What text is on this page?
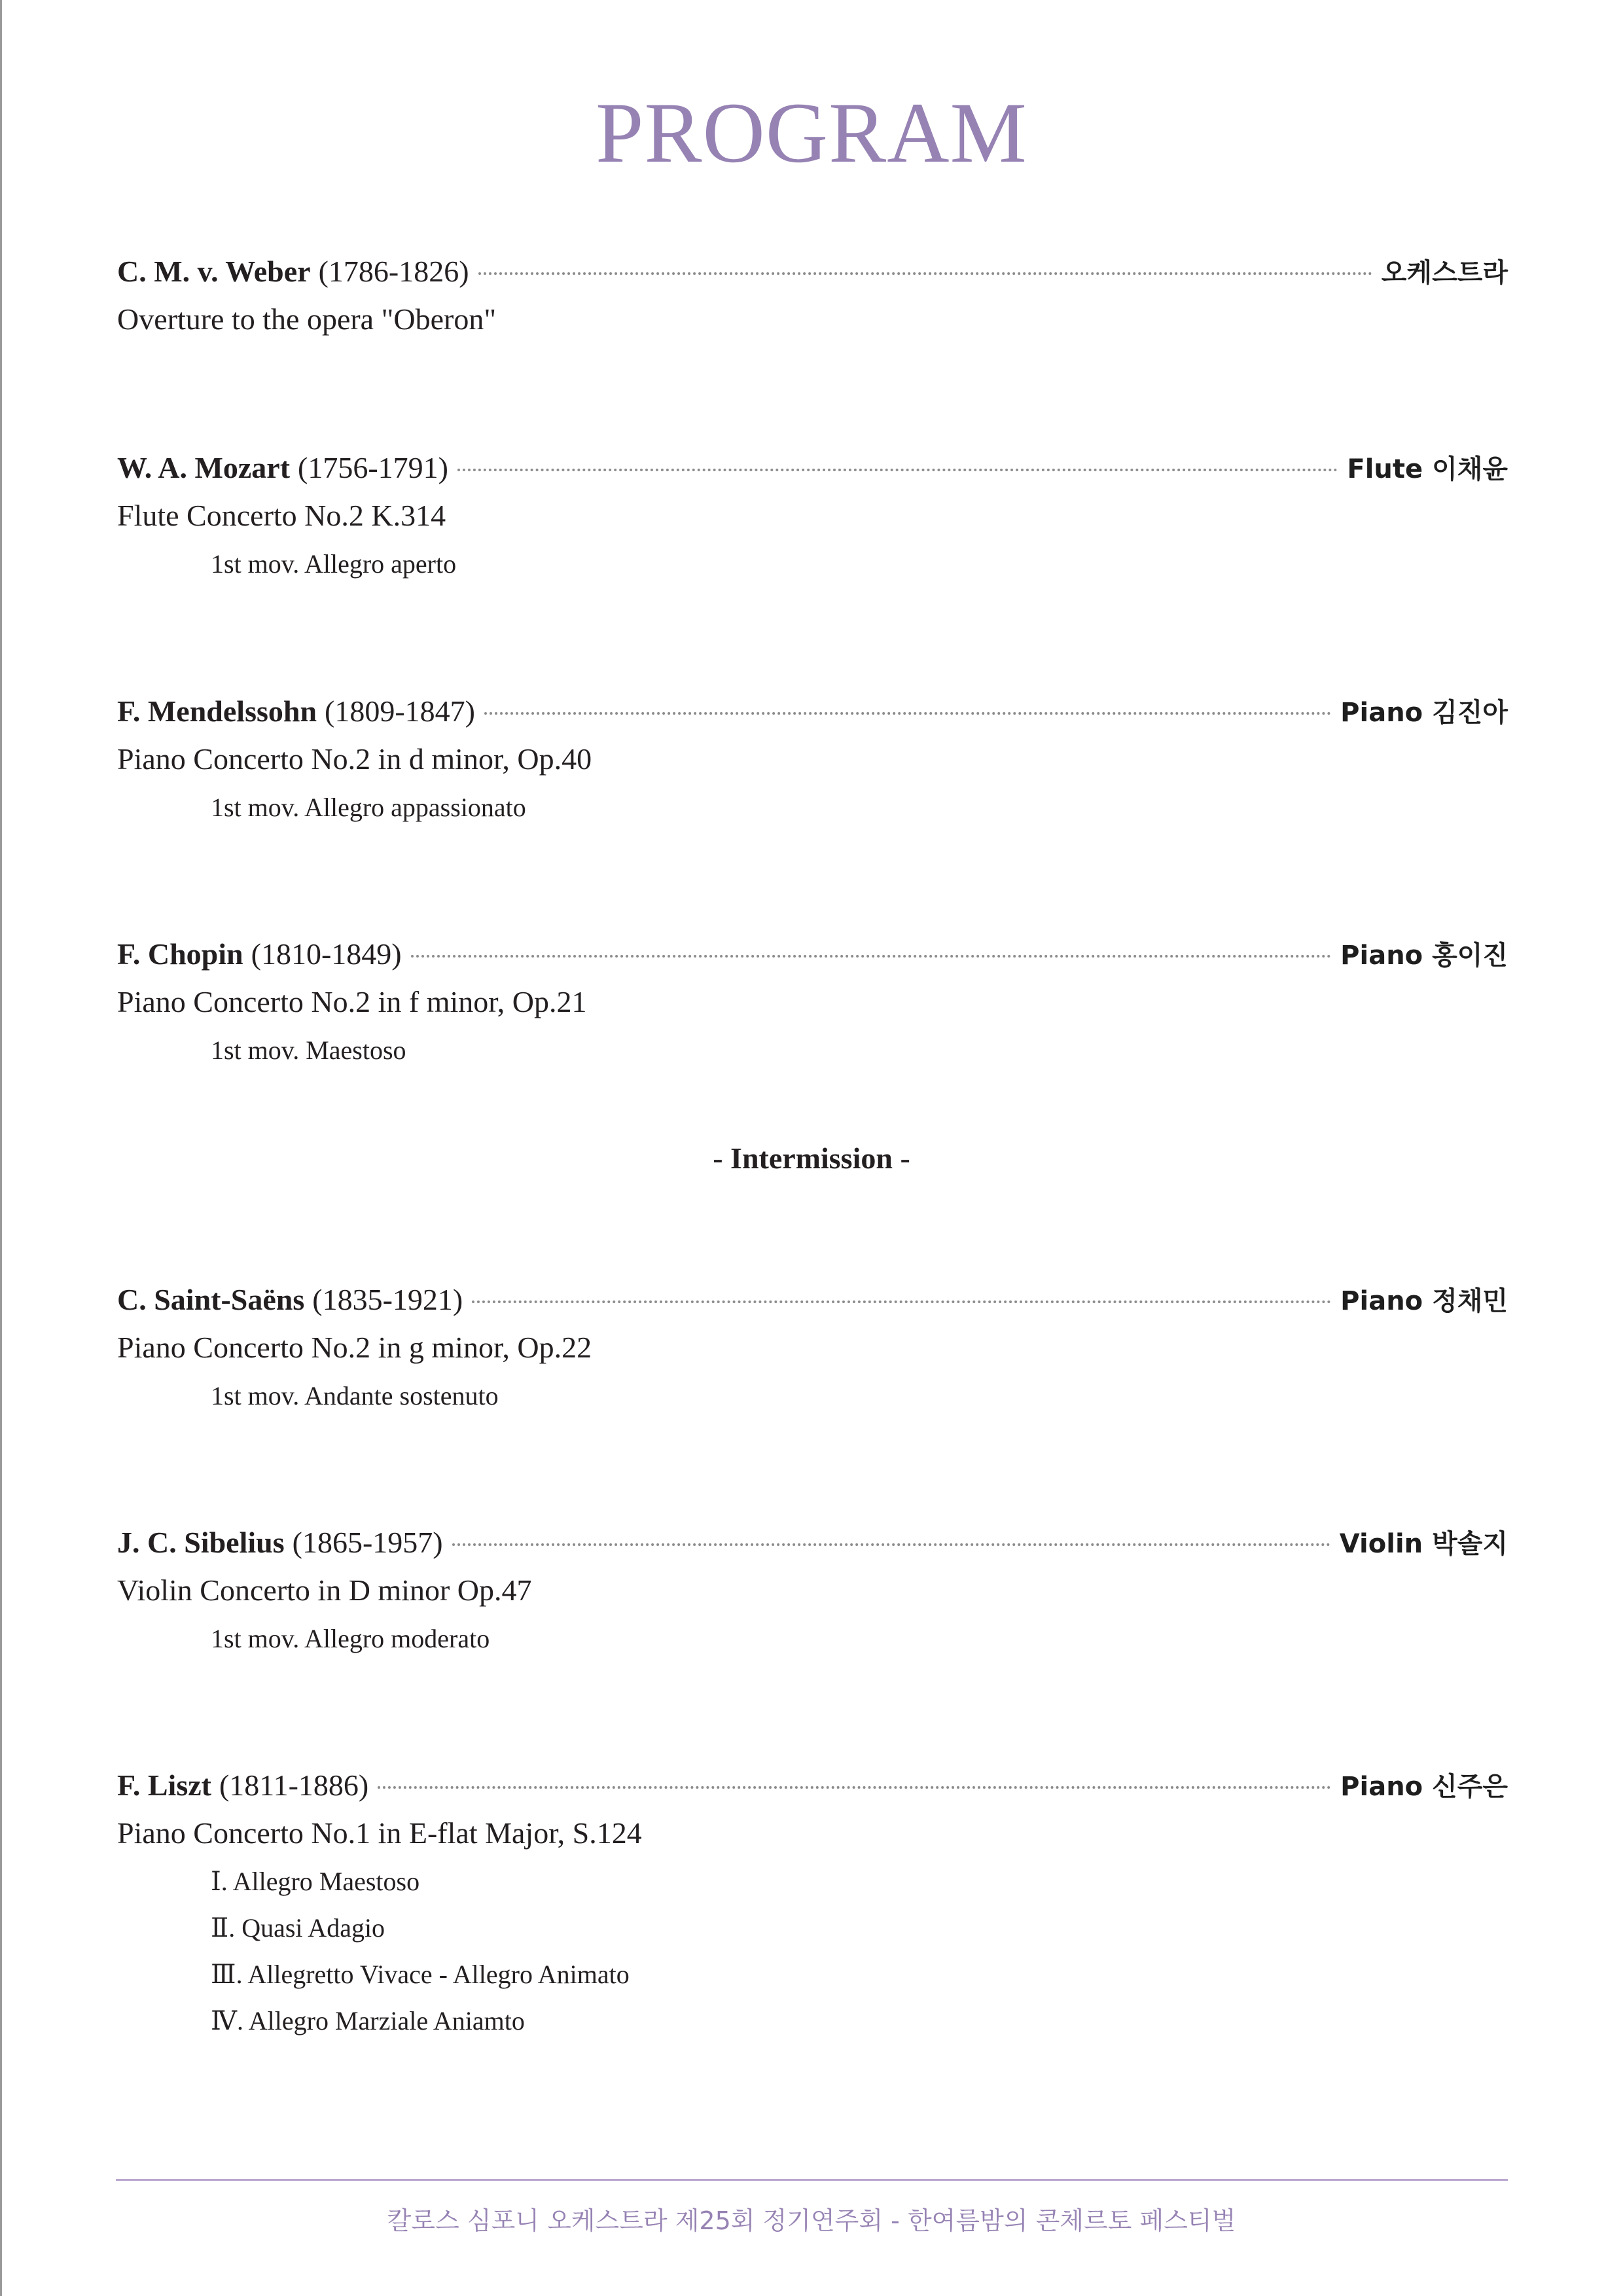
PROGRAM
C. M. v. Weber (1786-1826)	오케스트라
Overture to the opera "Oberon"
W. A. Mozart (1756-1791)	Flute 이채윤
Flute Concerto No.2 K.314
1st mov. Allegro aperto
F. Mendelssohn (1809-1847)	Piano 김진아
Piano Concerto No.2 in d minor, Op.40
1st mov. Allegro appassionato
F. Chopin (1810-1849)	Piano 홍이진
Piano Concerto No.2 in f minor, Op.21
1st mov. Maestoso
- Intermission -
C. Saint-Saëns (1835-1921)	Piano 정채민
Piano Concerto No.2 in g minor, Op.22
1st mov. Andante sostenuto
J. C. Sibelius (1865-1957)	Violin 박솔지
Violin Concerto in D minor Op.47
1st mov. Allegro moderato
F. Liszt (1811-1886)	Piano 신주은
Piano Concerto No.1 in E-flat Major, S.124
Ⅰ. Allegro Maestoso
Ⅱ. Quasi Adagio
Ⅲ. Allegretto Vivace - Allegro Animato
Ⅳ. Allegro Marziale Aniamto
칼로스 심포니 오케스트라 제25회 정기연주회 - 한여름밤의 콘체르토 페스티벌
